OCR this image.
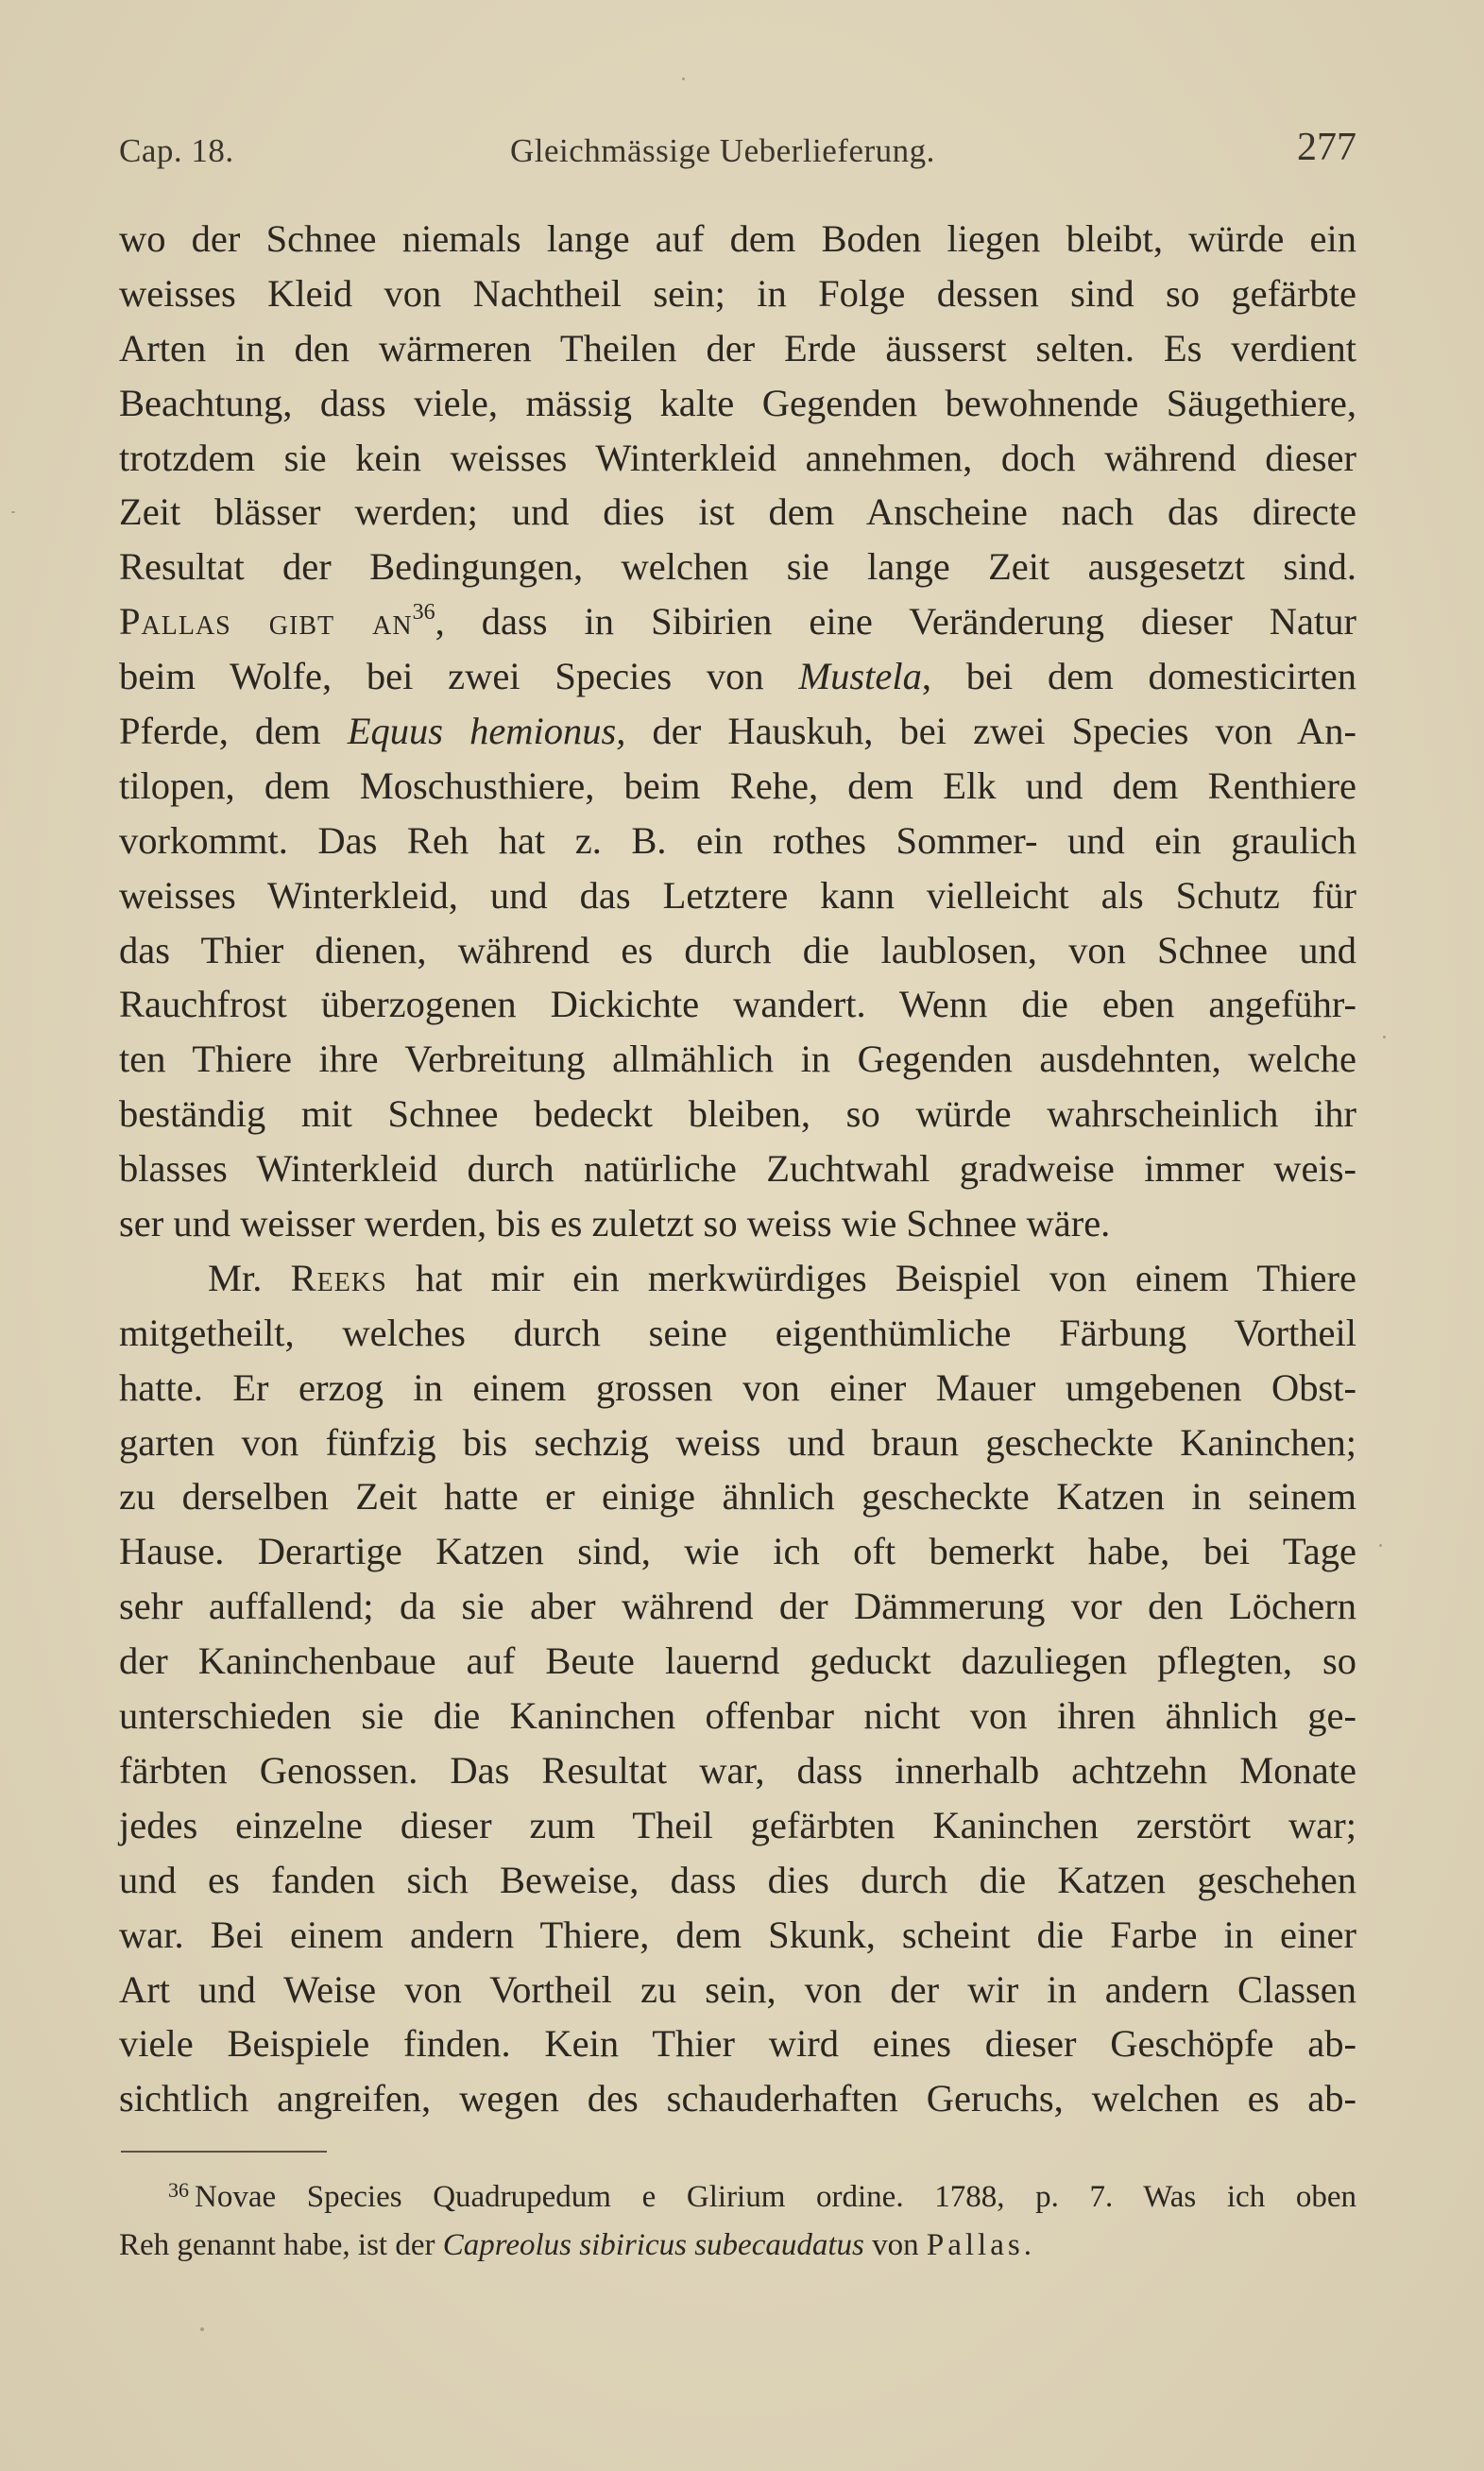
Cap. 18.	Gleichmässige Ueberlieferung.	277
wo der Schnee niemals lange auf dem Boden liegen bleibt, würde ein
weisses Kleid von Nachtheil sein; in Folge dessen sind so gefärbte
Arten in den wärmeren Theilen der Erde äusserst selten. Es verdient
Beachtung, dass viele, mässig kalte Gegenden bewohnende Säugethiere,
trotzdem sie kein weisses Winterkleid annehmen, doch während dieser
Zeit blässer werden; und dies ist dem Anscheine nach das directe
Resultat der Bedingungen, welchen sie lange Zeit ausgesetzt sind.
Pallas gibt $an^{36}$, dass in Sibirien eine Veränderung dieser Natur
beim Wolfe, bei zwei Species von Mustela, bei dem domesticirten
Pferde, dem Equus hemionus, der Hauskuh, bei zwei Species von An-
tilopen, dem Moschusthiere, beim Rehe, dem Elk und dem Renthiere
vorkommt. Das Reh hat z. B. ein rothes Sommer- und ein graulich
weisses Winterkleid, und das Letztere kann vielleicht als Schutz für
das Thier dienen, während es durch die laublosen, von Schnee und
Rauchfrost überzogenen Dickichte wandert. Wenn die eben angeführ-
ten Thiere ihre Verbreitung allmählich in Gegenden ausdehnten, welche
beständig mit Schnee bedeckt bleiben, so würde wahrscheinlich ihr
blasses Winterkleid durch natürliche Zuchtwahl gradweise immer weis-
ser und weisser werden, bis es zuletzt so weiss wie Schnee wäre.
Mr. Reeks hat mir ein merkwürdiges Beispiel von einem Thiere
mitgetheilt, welches durch seine eigenthümliche Färbung Vortheil
hatte. Er erzog in einem grossen von einer Mauer umgebenen Obst-
garten von fünfzig bis sechzig weiss und braun gescheckte Kaninchen;
zu derselben Zeit hatte er einige ähnlich gescheckte Katzen in seinem
Hause. Derartige Katzen sind, wie ich oft bemerkt habe, bei Tage
sehr auffallend; da sie aber während der Dämmerung vor den Löchern
der Kaninchenbaue auf Beute lauernd geduckt dazuliegen pflegten, so
unterschieden sie die Kaninchen offenbar nicht von ihren ähnlich ge-
färbten Genossen. Das Resultat war, dass innerhalb achtzehn Monate
jedes einzelne dieser zum Theil gefärbten Kaninchen zerstört war;
und es fanden sich Beweise, dass dies durch die Katzen geschehen
war. Bei einem andern Thiere, dem Skunk, scheint die Farbe in einer
Art und Weise von Vortheil zu sein, von der wir in andern Classen
viele Beispiele finden. Kein Thier wird eines dieser Geschöpfe ab-
sichtlich angreifen, wegen des schauderhaften Geruchs, welchen es ab-
$^{36}$ Novae Species Quadrupedum e Glirium ordine. 1788, p. 7. Was ich oben
Reh genannt habe, ist der Capreolus sibiricus subecaudatus von Pallas.
